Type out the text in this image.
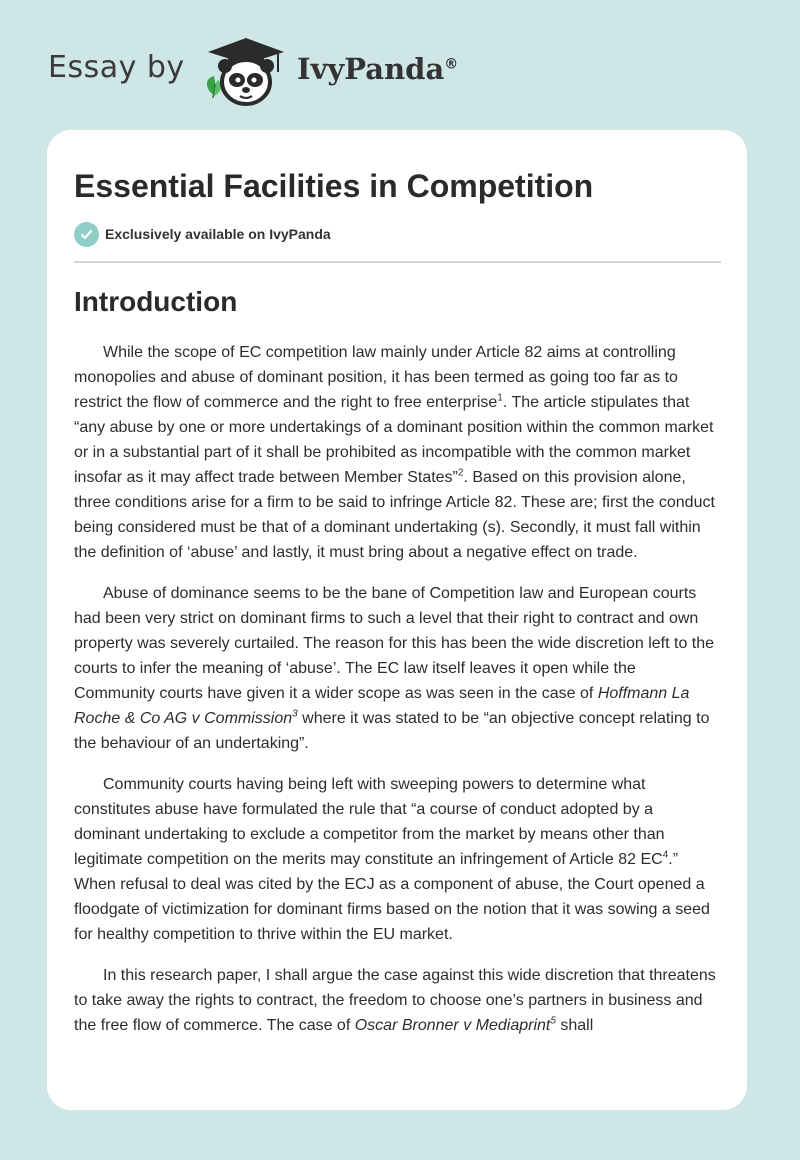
Essay by	IvyPanda®
Essential Facilities in Competition
Exclusively available on IvyPanda
Introduction

While the scope of EC competition law mainly under Article 82 aims at controlling monopolies and abuse of dominant position, it has been termed as going too far as to restrict the flow of commerce and the right to free enterprise$^1$. The article stipulates that “any abuse by one or more undertakings of a dominant position within the common market or in a substantial part of it shall be prohibited as incompatible with the common market insofar as it may affect trade between Member States”$^2$. Based on this provision alone, three conditions arise for a firm to be said to infringe Article 82. These are; first the conduct being considered must be that of a dominant undertaking (s). Secondly, it must fall within the definition of ‘abuse’ and lastly, it must bring about a negative effect on trade.

Abuse of dominance seems to be the bane of Competition law and European courts had been very strict on dominant firms to such a level that their right to contract and own property was severely curtailed. The reason for this has been the wide discretion left to the courts to infer the meaning of ‘abuse’. The EC law itself leaves it open while the Community courts have given it a wider scope as was seen in the case of Hoffmann La Roche & Co AG v Commission$^3$ where it was stated to be “an objective concept relating to the behaviour of an undertaking”.

Community courts having being left with sweeping powers to determine what constitutes abuse have formulated the rule that “a course of conduct adopted by a dominant undertaking to exclude a competitor from the market by means other than legitimate competition on the merits may constitute an infringement of Article 82 $EC^4$.” When refusal to deal was cited by the ECJ as a component of abuse, the Court opened a floodgate of victimization for dominant firms based on the notion that it was sowing a seed for healthy competition to thrive within the EU market.

In this research paper, I shall argue the case against this wide discretion that threatens to take away the rights to contract, the freedom to choose one’s partners in business and the free flow of commerce. The case of Oscar Bronner v Mediaprint$^5$ shall
